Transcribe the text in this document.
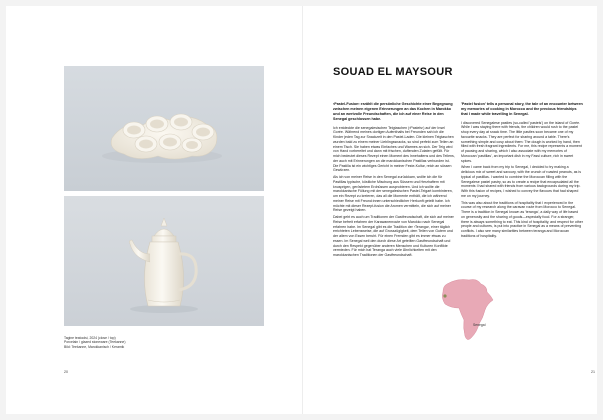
Tagine teatoolsi, 2024 (close / top)
Porcelain / glazed stoneware (Teekanne)
Bild: Teekanne, Marokkanisch / Keramik
20
SOUAD EL MAYSOUR
›Pastel-Fusion‹ erzählt die persönliche Geschichte einer Begegnung zwischen meinen eigenen Erinnerungen an das Kochen in Marokko und an wertvolle Freundschaften, die ich auf einer Reise in den Senegal geschlossen habe.

Ich entdeckte die senegalesischen Teigtaschen (›Pastels‹) auf der Insel Gorée. Während meines dortigen Aufenthalts bei Freunden sah ich die Kinder jeden Tag zur Snackzeit in den Pastel-Laden. Die kleinen Teigtaschen wurden bald zu einem meiner Lieblingssnacks, so sind perfekt zum Teilen an einem Tisch. Sie haben etwas Einfaches und Warmes an sich. Der Teig wird von Hand vorbereitet und dann mit frischen, duftenden Zutaten gefüllt. Für mich bedeutet dieses Rezept einen Moment des Innehaltens und des Teilens, der auch mit Erinnerungen an die marokkanischen Pastillas verbunden ist. Die Pastilla ist ein wichtiges Gericht in meiner Feste-Kultur, reich an süssen Gewürzen.

Als ich von meiner Reise in den Senegal zurückkam, wollte ich die für Pastillas typische, köstliche Mischung aus Süssem und Herzhaftem mit knusprigen, geröstetem Erdnüssen ausprobieren. Und ich wollte die marokkanische Füllung mit der senegalesischen Pastel-Teigart kombinieren, um ein Rezept zu kreieren, das all die Momente enthält, die ich während meiner Reise mit Freund:innen unterschiedlicher Herkunft geteilt habe. Ich möchte mit dieser Rezept-fusion die Aromen vermitteln, die sich auf meiner Reise gezeigt haben.

Dabei geht es auch um Traditionen der Gastfreundschaft, die sich auf meiner Reise befreit erfahren der Karawanenroute von Marokko nach Senegal erfahren habe. Im Senegal gibt es die Tradition der ›Teranga‹, einer täglich errichteten Lebensweise, die auf Grosszügigkeit, dem Teilen von Gutem und der allem von Essen beruht. Für einen Fremden gibt es immer etwas zu essen. Im Senegal weil den durch diese Art geteilten Gastfreundschaft und durch den Respekt gegenüber anderen Menschen und Kulturen Konflikte vermieden. Für mich hat Teranga auch viele Ähnlichkeiten mit den marokkanischen Traditionen der Gastfreundschaft.

'Pastel fusion' tells a personal story, the tale of an encounter between my memories of cooking in Morocco and the precious friendships that I made while travelling in Senegal.

I discovered Senegalese pastles (so-called 'pastels') on the island of Gorée. While I was staying there with friends, the children would rush to the pastel shop every day at snack time. The little pastles soon became one of my favourite snacks. They are perfect for sharing around a table. There's something simple and cosy about them: The dough is worked by hand, then filled with fresh fragrant ingredients. For me, this recipe represents a moment of pausing and sharing, which I also associate with my memories of Moroccan 'pastillas', an important dish in my Fassi culture, rich in sweet spices.

When I came back from my trip to Senegal, I decided to try making a delicious mix of sweet and savoury, with the crunch of roasted peanuts, as is typical of pastillas. I wanted to combine the Moroccan filling with the Senegalese pastel pastry, so as to create a recipe that encapsulated all the moments I had shared with friends from various backgrounds during my trip. With this fusion of recipes, I wished to convey the flavours that had shaped me on my journey.

This was also about the traditions of hospitality that I experienced in the course of my research along the caravan route from Morocco to Senegal. There is a tradition in Senegal known as 'teranga', a daily way of life based on generosity and the sharing of goods—especially food. For a stranger, there is always something to eat. This kind of hospitality, and respect for other people and cultures, is put into practice in Senegal as a means of preventing conflicts. I also see many similarities between teranga and Moroccan traditions of hospitality.

Senegal
21
